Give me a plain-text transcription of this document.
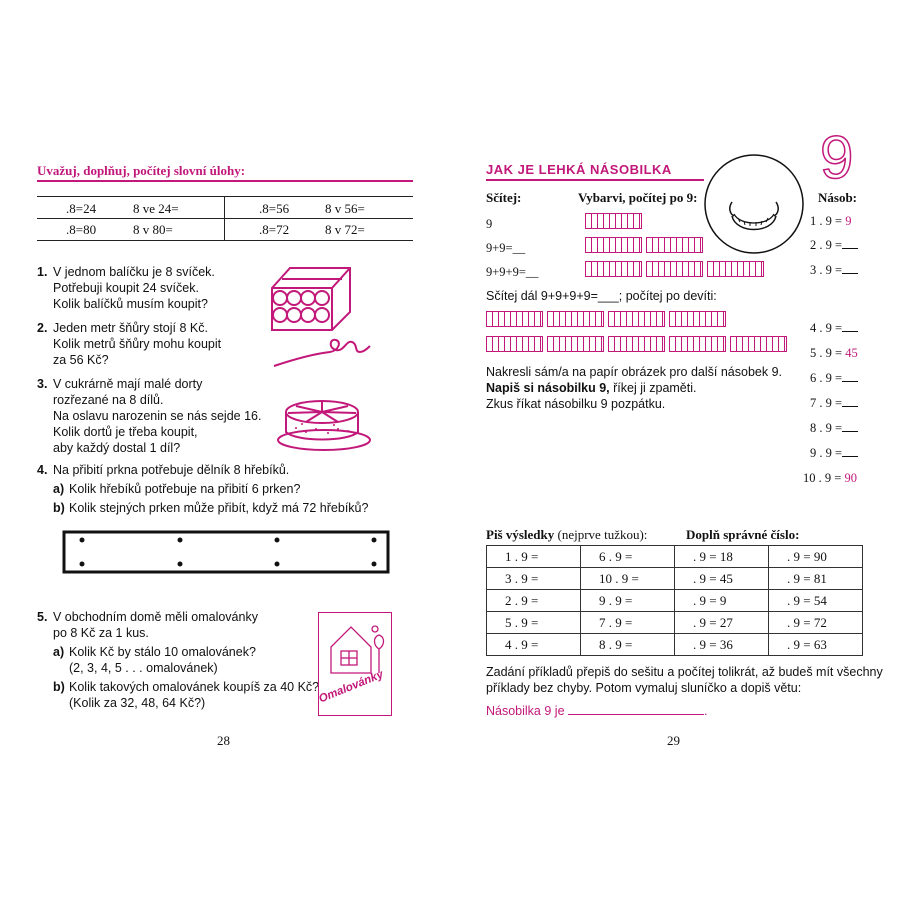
Uvažuj, doplňuj, počítej slovní úlohy:
.8=24	8 ve 24=	.8=56	8 v 56=
.8=80	8 v 80=	.8=72	8 v 72=
1. V jednom balíčku je 8 svíček.
Potřebuji koupit 24 svíček.
Kolik balíčků musím koupit?
2. Jeden metr šňůry stojí 8 Kč.
Kolik metrů šňůry mohu koupit
za 56 Kč?
3. V cukrárně mají malé dorty
rozřezané na 8 dílů.
Na oslavu narozenin se nás sejde 16.
Kolik dortů je třeba koupit,
aby každý dostal 1 díl?
4. Na přibití prkna potřebuje dělník 8 hřebíků.
a) Kolik hřebíků potřebuje na přibití 6 prken?
b) Kolik stejných prken může přibít, když má 72 hřebíků?
5. V obchodním domě měli omalovánky
po 8 Kč za 1 kus.
a) Kolik Kč by stálo 10 omalovánek?
(2, 3, 4, 5 . . . omalovánek)
b) Kolik takových omalovánek koupíš za 40 Kč?
(Kolik za 32, 48, 64 Kč?)	Omalovánky
28
JAK JE LEHKÁ NÁSOBILKA 9
Sčítej:	Vybarvi, počítej po 9:	Násob:
9
9+9=__
9+9+9=__
Sčítej dál 9+9+9+9=___; počítej po devíti:
Nakresli sám/a na papír obrázek pro další násobek 9.
Napiš si násobilku 9, říkej ji zpaměti.
Zkus říkat násobilku 9 pozpátku.
1 . 9 = 9
2 . 9 =
3 . 9 =
4 . 9 =
5 . 9 = 45
6 . 9 =
7 . 9 =
8 . 9 =
9 . 9 =
10 . 9 = 90
Piš výsledky (nejprve tužkou):	Doplň správné číslo:
1 . 9 =	6 . 9 =	. 9 = 18	. 9 = 90
3 . 9 =	10 . 9 =	. 9 = 45	. 9 = 81
2 . 9 =	9 . 9 =	. 9 = 9	. 9 = 54
5 . 9 =	7 . 9 =	. 9 = 27	. 9 = 72
4 . 9 =	8 . 9 =	. 9 = 36	. 9 = 63
Zadání příkladů přepiš do sešitu a počítej tolikrát, až budeš mít všechny
příklady bez chyby. Potom vymaluj sluníčko a dopiš větu:
Násobilka 9 je	.
29
